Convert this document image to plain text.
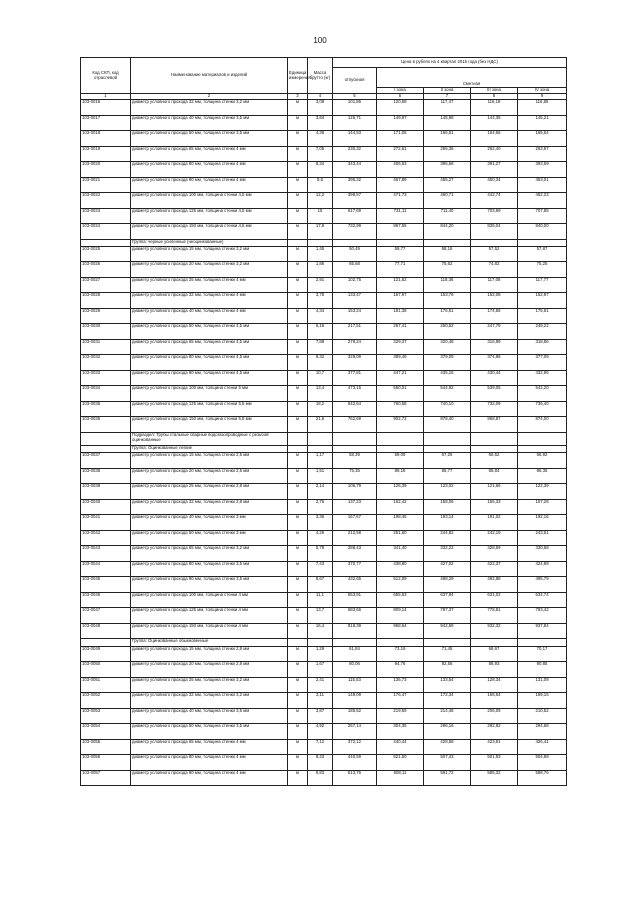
100
Код СКП, код отраслевой	Наименование материалов и изделий	Единица измерения	Масса брутто (кг)	Цена в рублях на 4 квартал 2015 года (без НДС)				
				отпускная				
					Сметная			
					I зона	II зона	III зона	IV зона
1	2	3	4	5	6	7	8	9
103-0016	диаметр условного прохода 32 мм, толщина стенки 3,2 мм	м	3,09	101,86	120,68	117,47	116,18	116,85
103-0017	диаметр условного прохода 40 мм, толщина стенки 3,5 мм	м	3,84	126,71	149,97	145,98	144,35	145,21
103-0018	диаметр условного прохода 50 мм, толщина стенки 3,5 мм	м	4,38	144,53	171,06	166,51	164,65	165,64
103-0019	диаметр условного прохода 65 мм, толщина стенки 4 мм	м	7,05	230,32	272,61	265,36	262,40	263,97
103-0020	диаметр условного прохода 80 мм, толщина стенки 4 мм	м	8,34	343,44	406,53	395,58	391,27	393,59
103-0021	диаметр условного прохода 90 мм, толщина стенки 4 мм	м	9,6	395,32	467,89	455,27	450,34	453,01
103-0022	диаметр условного прохода 100 мм, толщина стенки 4,5 мм	м	12,2	398,57	471,73	460,71	442,74	452,23
103-0023	диаметр условного прохода 125 мм, толщина стенки 4,5 мм	м	15	617,69	731,11	711,40	703,69	707,85
103-0024	диаметр условного прохода 150 мм, толщина стенки 4,5 мм	м	17,8	732,99	867,55	844,20	835,04	840,00
	Группа: черные усиленные (неоцинкованные)							
103-0025	диаметр условного прохода 15 мм, толщина стенки 3,2 мм	м	1,45	50,49	59,77	58,16	57,52	57,87
103-0026	диаметр условного прохода 20 мм, толщина стенки 3,2 мм	м	1,86	65,68	77,71	75,62	74,82	75,25
103-0027	диаметр условного прохода 25 мм, толщина стенки 4 мм	м	2,91	102,75	121,62	118,36	117,08	117,77
103-0028	диаметр условного прохода 32 мм, толщина стенки 4 мм	м	3,78	133,47	157,97	153,76	152,08	152,97
103-0029	диаметр условного прохода 40 мм, толщина стенки 4 мм	м	4,34	153,24	181,38	176,51	174,56	175,61
103-0030	диаметр условного прохода 50 мм, толщина стенки 4,5 мм	м	6,16	217,51	257,41	250,52	247,79	249,22
103-0031	диаметр условного прохода 65 мм, толщина стенки 4,5 мм	м	7,88	278,24	329,37	320,48	316,99	318,86
103-0032	диаметр условного прохода 80 мм, толщина стенки 4,5 мм	м	9,32	329,09	389,49	379,09	374,88	377,09
103-0033	диаметр условного прохода 90 мм, толщина стенки 4,5 мм	м	10,7	377,81	447,21	435,16	430,44	432,96
103-0034	диаметр условного прохода 100 мм, толщина стенки 5 мм	м	13,4	473,15	560,01	544,92	539,05	542,20
103-0035	диаметр условного прохода 125 мм, толщина стенки 5,5 мм	м	18,2	642,64	760,58	740,10	732,09	736,40
103-0036	диаметр условного прохода 150 мм, толщина стенки 5,5 мм	м	21,6	762,69	902,72	878,40	868,87	874,00
	Подраздел: Трубы стальные сварные водогазопроводные с резьбой оцинкованные							
	Группа: Оцинкованные легкие							
103-0037	диаметр условного прохода 15 мм, толщина стенки 2,5 мм	м	1,17	58,39	69,09	67,25	66,52	66,92
103-0038	диаметр условного прохода 20 мм, толщина стенки 2,5 мм	м	1,51	75,35	89,18	86,77	85,84	86,36
103-0039	диаметр условного прохода 25 мм, толщина стенки 2,8 мм	м	2,14	106,79	126,39	123,02	121,66	122,39
103-0040	диаметр условного прохода 32 мм, толщина стенки 2,8 мм	м	2,75	137,23	162,42	158,06	156,33	157,28
103-0041	диаметр условного прохода 40 мм, толщина стенки 3 мм	м	3,36	167,67	198,45	193,14	191,02	192,16
103-0042	диаметр условного прохода 50 мм, толщина стенки 3 мм	м	4,26	212,58	251,60	244,82	242,19	243,61
103-0043	диаметр условного прохода 65 мм, толщина стенки 3,2 мм	м	5,78	288,43	341,40	332,22	328,59	330,58
103-0044	диаметр условного прохода 80 мм, толщина стенки 3,5 мм	м	7,43	370,77	438,80	427,02	422,37	424,89
103-0045	диаметр условного прохода 90 мм, толщина стенки 3,5 мм	м	8,67	432,65	512,09	498,29	492,88	495,79
103-0046	диаметр условного прохода 100 мм, толщина стенки 4 мм	м	11,1	553,91	655,63	637,94	631,02	634,74
103-0047	диаметр условного прохода 125 мм, толщина стенки 4 мм	м	13,7	683,66	809,14	787,37	778,81	783,42
103-0048	диаметр условного прохода 150 мм, толщина стенки 4 мм	м	16,4	818,39	968,64	942,59	932,32	937,84
	Группа: Оцинкованные обыкновенные							
103-0049	диаметр условного прохода 15 мм, толщина стенки 2,8 мм	м	1,29	61,84	73,19	71,45	68,67	70,17
103-0050	диаметр условного прохода 20 мм, толщина стенки 2,8 мм	м	1,67	80,06	94,76	92,56	88,93	90,85
103-0051	диаметр условного прохода 25 мм, толщина стенки 3,2 мм	м	2,41	115,53	136,73	133,54	128,34	131,09
103-0052	диаметр условного прохода 32 мм, толщина стенки 3,2 мм	м	3,11	149,09	176,47	172,34	165,64	169,16
103-0053	диаметр условного прохода 40 мм, толщина стенки 3,5 мм	м	3,87	185,52	219,59	214,48	206,09	210,52
103-0054	диаметр условного прохода 50 мм, толщина стенки 3,5 мм	м	4,92	257,14	304,35	296,16	292,92	294,68
103-0055	диаметр условного прохода 65 мм, толщина стенки 4 мм	м	7,12	372,12	440,44	428,58	423,91	426,41
103-0056	диаметр условного прохода 80 мм, толщина стенки 4 мм	м	8,43	440,59	521,50	507,43	501,93	504,89
103-0057	диаметр условного прохода 90 мм, толщина стенки 4 мм	м	9,83	513,76	608,11	591,72	585,32	588,76
